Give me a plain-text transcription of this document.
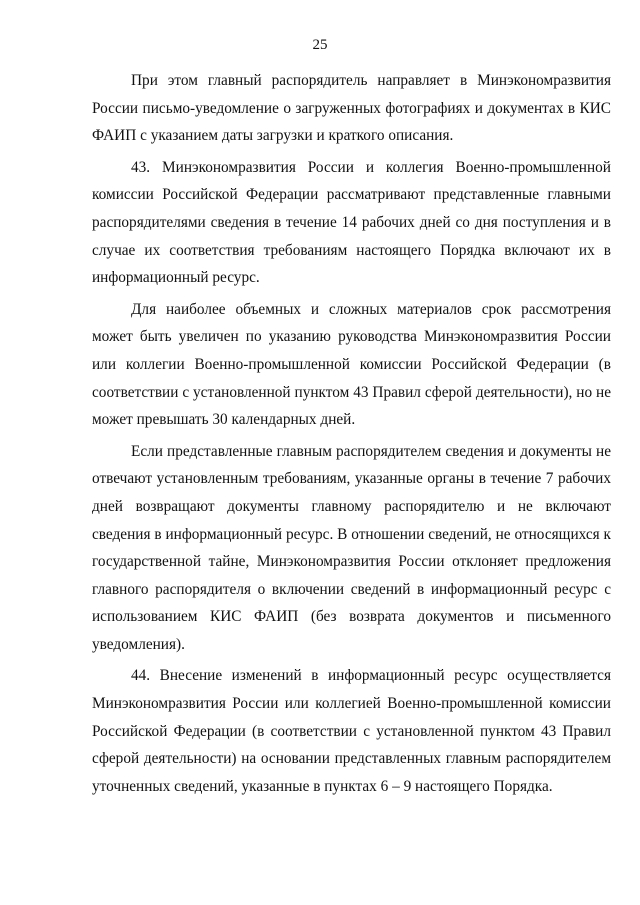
25

При этом главный распорядитель направляет в Минэкономразвития России письмо-уведомление о загруженных фотографиях и документах в КИС ФАИП с указанием даты загрузки и краткого описания.

43. Минэкономразвития России и коллегия Военно-промышленной комиссии Российской Федерации рассматривают представленные главными распорядителями сведения в течение 14 рабочих дней со дня поступления и в случае их соответствия требованиям настоящего Порядка включают их в информационный ресурс.

Для наиболее объемных и сложных материалов срок рассмотрения может быть увеличен по указанию руководства Минэкономразвития России или коллегии Военно-промышленной комиссии Российской Федерации (в соответствии с установленной пунктом 43 Правил сферой деятельности), но не может превышать 30 календарных дней.

Если представленные главным распорядителем сведения и документы не отвечают установленным требованиям, указанные органы в течение 7 рабочих дней возвращают документы главному распорядителю и не включают сведения в информационный ресурс. В отношении сведений, не относящихся к государственной тайне, Минэкономразвития России отклоняет предложения главного распорядителя о включении сведений в информационный ресурс с использованием КИС ФАИП (без возврата документов и письменного уведомления).

44. Внесение изменений в информационный ресурс осуществляется Минэкономразвития России или коллегией Военно-промышленной комиссии Российской Федерации (в соответствии с установленной пунктом 43 Правил сферой деятельности) на основании представленных главным распорядителем уточненных сведений, указанные в пунктах 6 – 9 настоящего Порядка.
